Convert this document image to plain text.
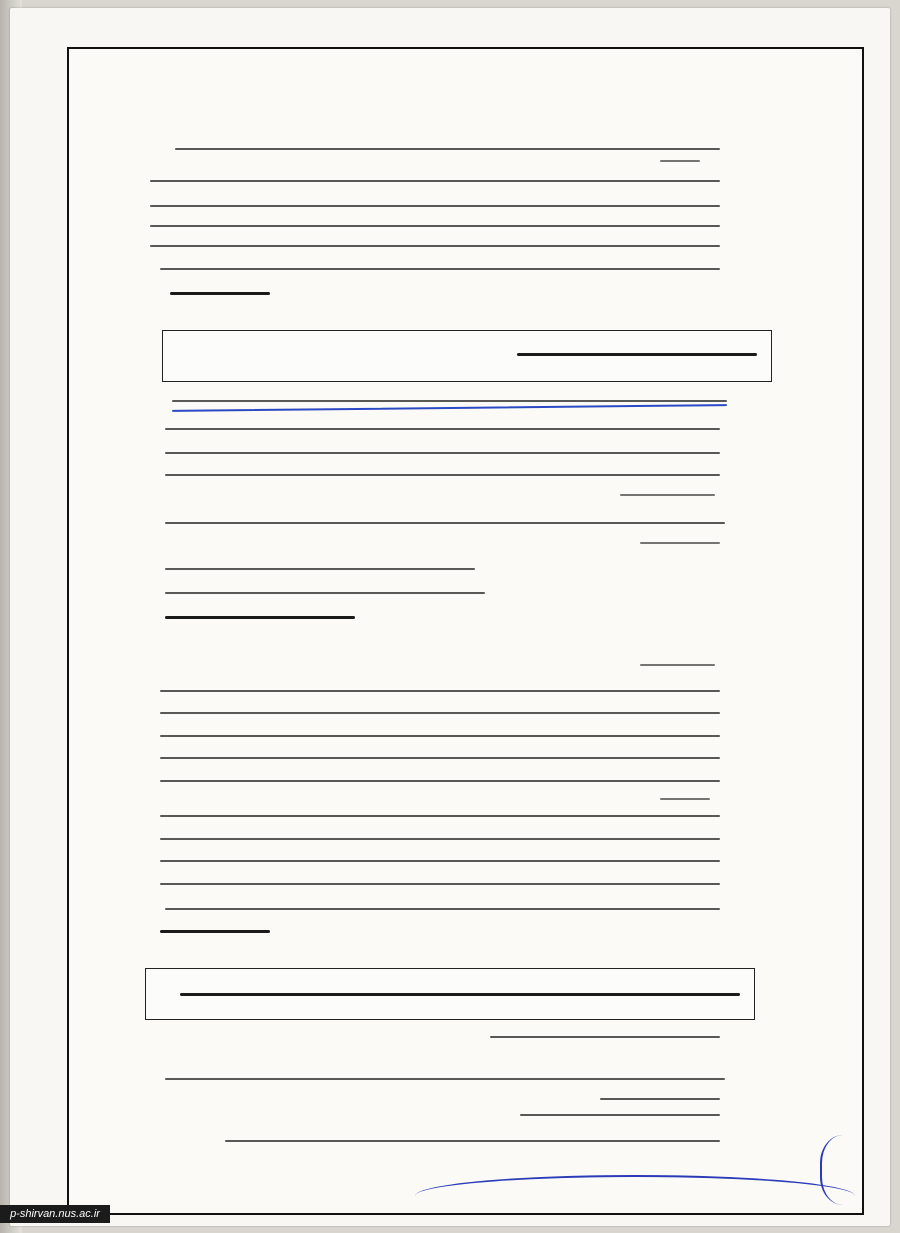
p-shirvan.nus.ac.ir
